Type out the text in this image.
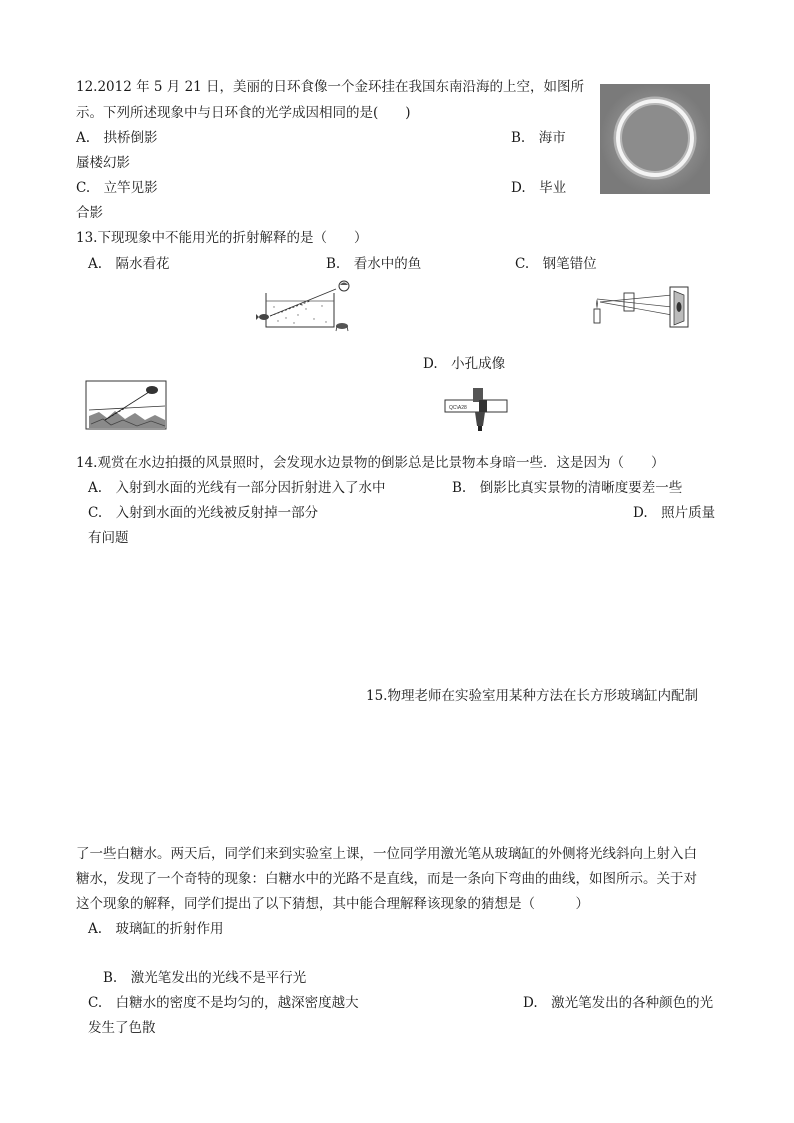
12.2012 年 5 月 21 日，美丽的日环食像一个金环挂在我国东南沿海的上空，如图所
示。下列所述现象中与日环食的光学成因相同的是(　　)
A.　拱桥倒影	B.　海市
蜃楼幻影
C.　立竿见影	D.　毕业
合影
13.下现现象中不能用光的折射解释的是（　　）
A.　隔水看花	B.　看水中的鱼	C.　钢笔错位
D.　小孔成像
QC\A28
14.观赏在水边拍摄的风景照时，会发现水边景物的倒影总是比景物本身暗一些．这是因为（　　）
A.　入射到水面的光线有一部分因折射进入了水中	B.　倒影比真实景物的清晰度要差一些
C.　入射到水面的光线被反射掉一部分	D.　照片质量
有问题
15.物理老师在实验室用某种方法在长方形玻璃缸内配制
了一些白糖水。两天后，同学们来到实验室上课，一位同学用激光笔从玻璃缸的外侧将光线斜向上射入白
糖水，发现了一个奇特的现象：白糖水中的光路不是直线，而是一条向下弯曲的曲线，如图所示。关于对
这个现象的解释，同学们提出了以下猜想，其中能合理解释该现象的猜想是（　　　）
A.　玻璃缸的折射作用
B.　激光笔发出的光线不是平行光
C.　白糖水的密度不是均匀的，越深密度越大	D.　激光笔发出的各种颜色的光
发生了色散
